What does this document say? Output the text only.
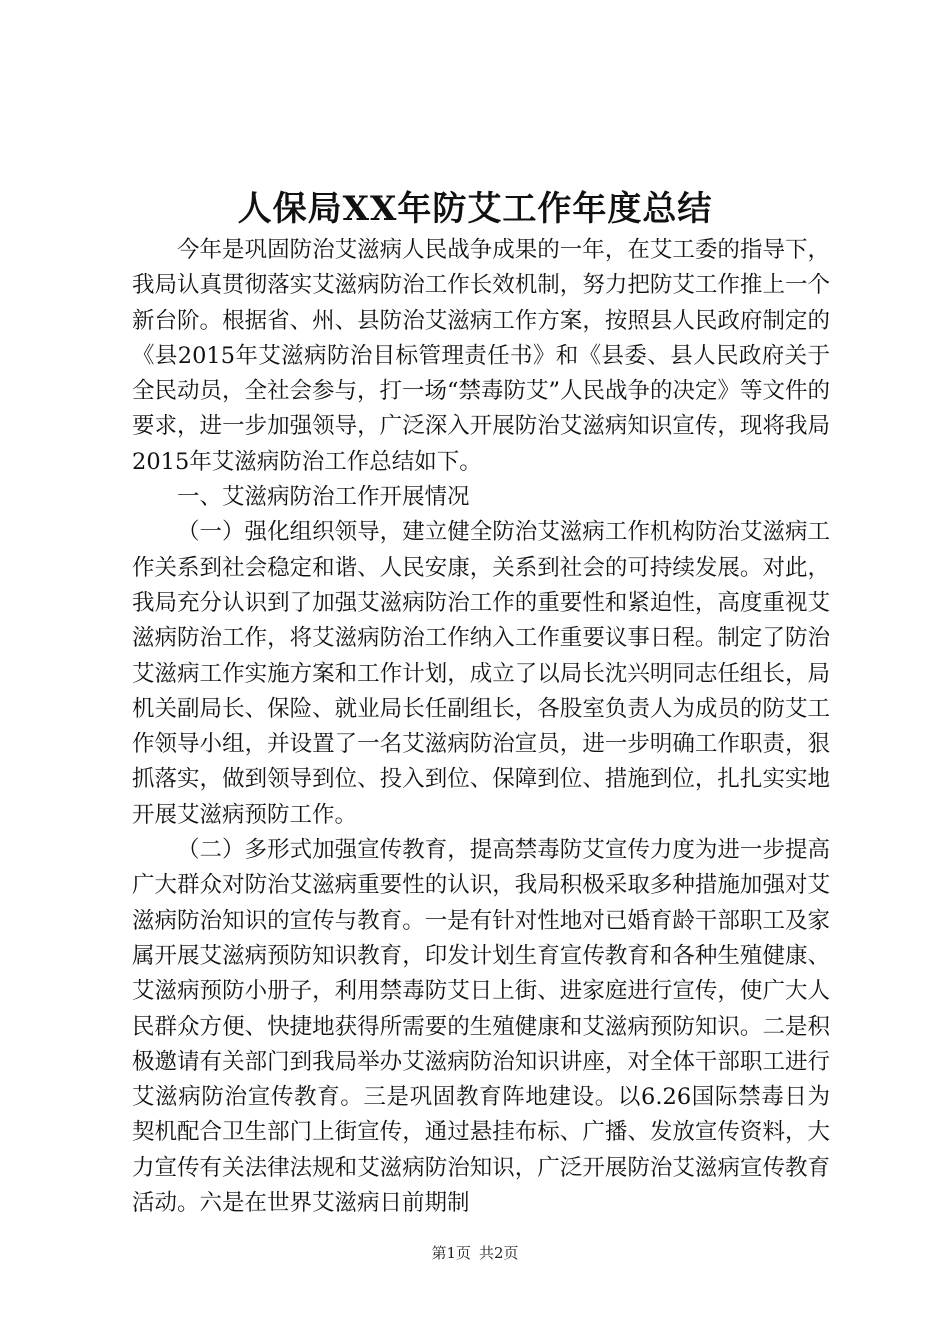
人保局XX年防艾工作年度总结

今年是巩固防治艾滋病人民战争成果的一年，在艾工委的指导下，我局认真贯彻落实艾滋病防治工作长效机制，努力把防艾工作推上一个新台阶。根据省、州、县防治艾滋病工作方案，按照县人民政府制定的《县2015年艾滋病防治目标管理责任书》和《县委、县人民政府关于全民动员，全社会参与，打一场“禁毒防艾”人民战争的决定》等文件的要求，进一步加强领导，广泛深入开展防治艾滋病知识宣传，现将我局2015年艾滋病防治工作总结如下。

一、艾滋病防治工作开展情况

（一）强化组织领导，建立健全防治艾滋病工作机构防治艾滋病工作关系到社会稳定和谐、人民安康，关系到社会的可持续发展。对此，我局充分认识到了加强艾滋病防治工作的重要性和紧迫性，高度重视艾滋病防治工作，将艾滋病防治工作纳入工作重要议事日程。制定了防治艾滋病工作实施方案和工作计划，成立了以局长沈兴明同志任组长，局机关副局长、保险、就业局长任副组长，各股室负责人为成员的防艾工作领导小组，并设置了一名艾滋病防治宣员，进一步明确工作职责，狠抓落实，做到领导到位、投入到位、保障到位、措施到位，扎扎实实地开展艾滋病预防工作。

（二）多形式加强宣传教育，提高禁毒防艾宣传力度为进一步提高广大群众对防治艾滋病重要性的认识，我局积极采取多种措施加强对艾滋病防治知识的宣传与教育。一是有针对性地对已婚育龄干部职工及家属开展艾滋病预防知识教育，印发计划生育宣传教育和各种生殖健康、艾滋病预防小册子，利用禁毒防艾日上街、进家庭进行宣传，使广大人民群众方便、快捷地获得所需要的生殖健康和艾滋病预防知识。二是积极邀请有关部门到我局举办艾滋病防治知识讲座，对全体干部职工进行艾滋病防治宣传教育。三是巩固教育阵地建设。以6.26国际禁毒日为契机配合卫生部门上街宣传，通过悬挂布标、广播、发放宣传资料，大力宣传有关法律法规和艾滋病防治知识，广泛开展防治艾滋病宣传教育活动。六是在世界艾滋病日前期制

第1页 共2页
